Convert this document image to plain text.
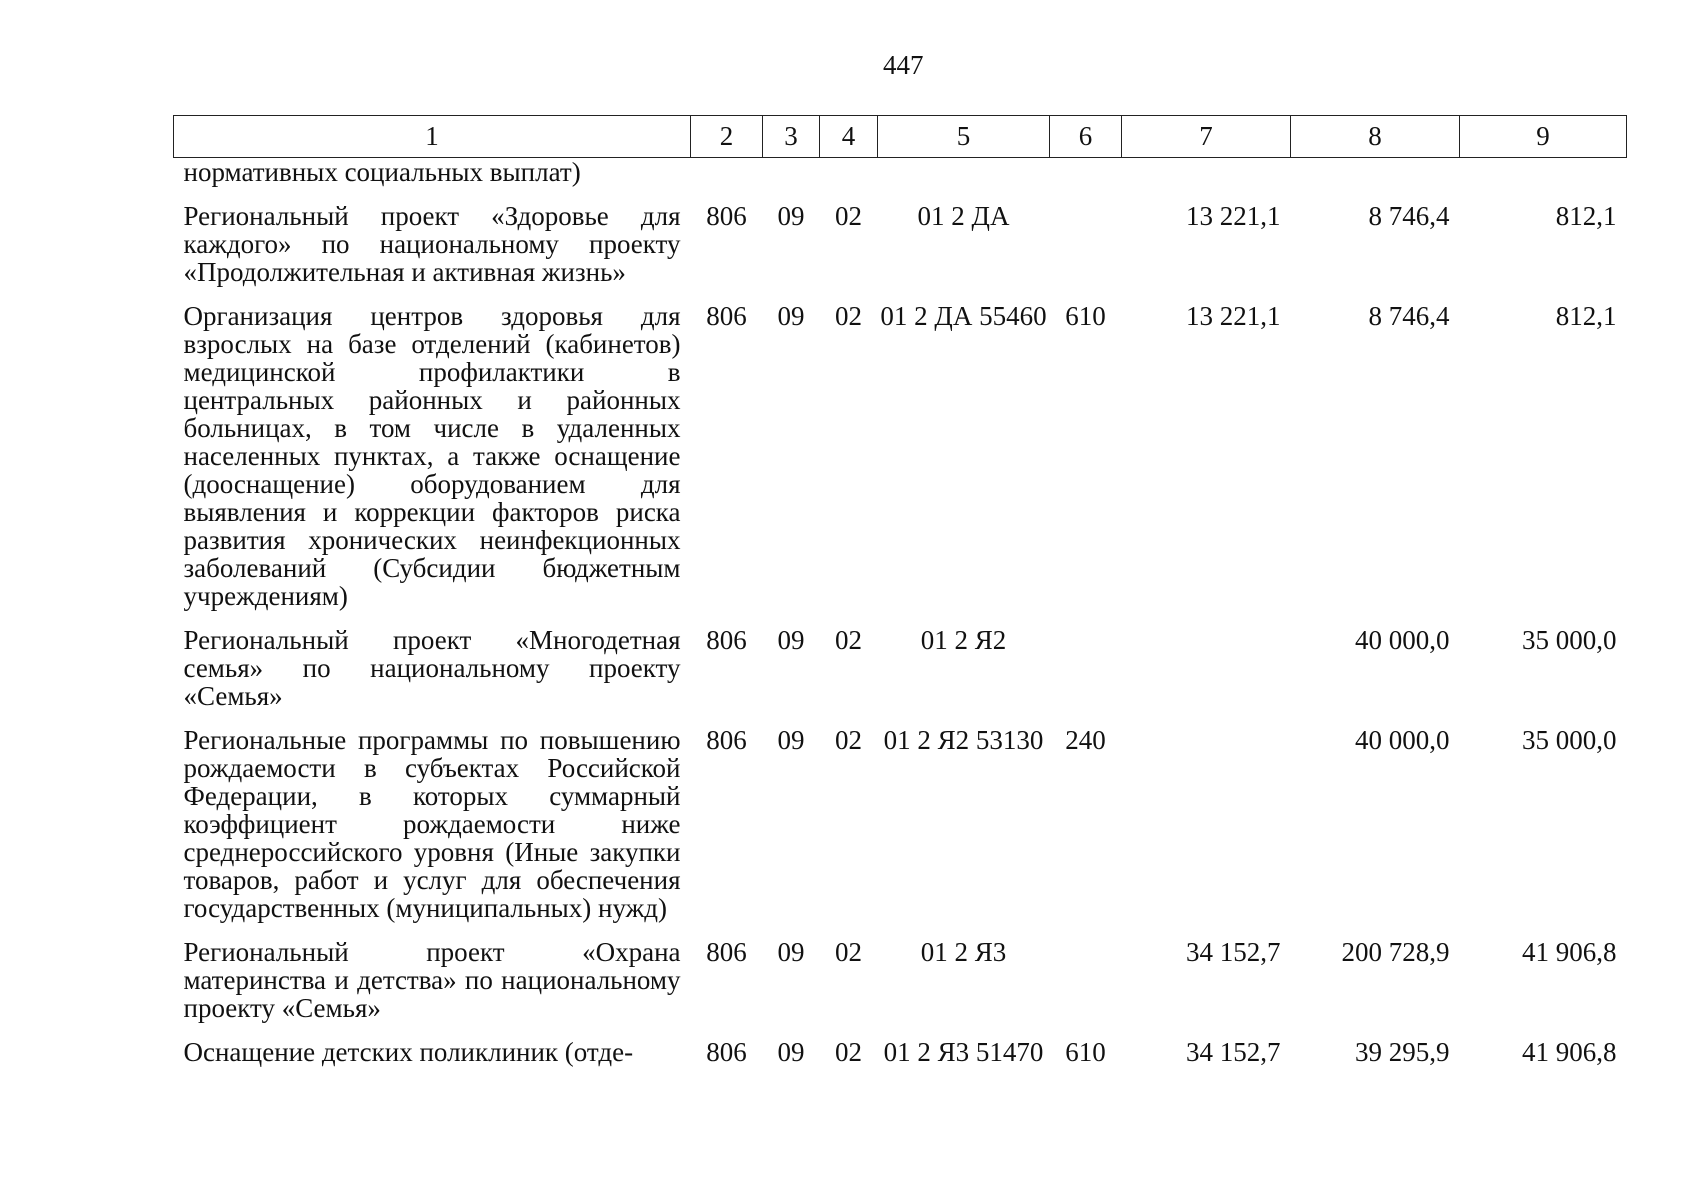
447
1	2	3	4	5	6	7	8	9
нормативных социальных выплат)								
Региональный проект «Здоровье для каждого» по национальному проекту «Продолжительная и активная жизнь»	806	09	02	01 2 ДА		13 221,1	8 746,4	812,1
Организация центров здоровья для взрослых на базе отделений (кабинетов) медицинской профилактики в центральных районных и районных больницах, в том числе в удаленных населенных пунктах, а также оснащение (дооснащение) оборудованием для выявления и коррекции факторов риска развития хронических неинфекционных заболеваний (Субсидии бюджетным учреждениям)	806	09	02	01 2 ДА 55460	610	13 221,1	8 746,4	812,1
Региональный проект «Многодетная семья» по национальному проекту «Семья»	806	09	02	01 2 Я2			40 000,0	35 000,0
Региональные программы по повышению рождаемости в субъектах Российской Федерации, в которых суммарный коэффициент рождаемости ниже среднероссийского уровня (Иные закупки товаров, работ и услуг для обеспечения государственных (муниципальных) нужд)	806	09	02	01 2 Я2 53130	240		40 000,0	35 000,0
Региональный проект «Охрана материнства и детства» по национальному проекту «Семья»	806	09	02	01 2 Я3		34 152,7	200 728,9	41 906,8
Оснащение детских поликлиник (отде-	806	09	02	01 2 Я3 51470	610	34 152,7	39 295,9	41 906,8
